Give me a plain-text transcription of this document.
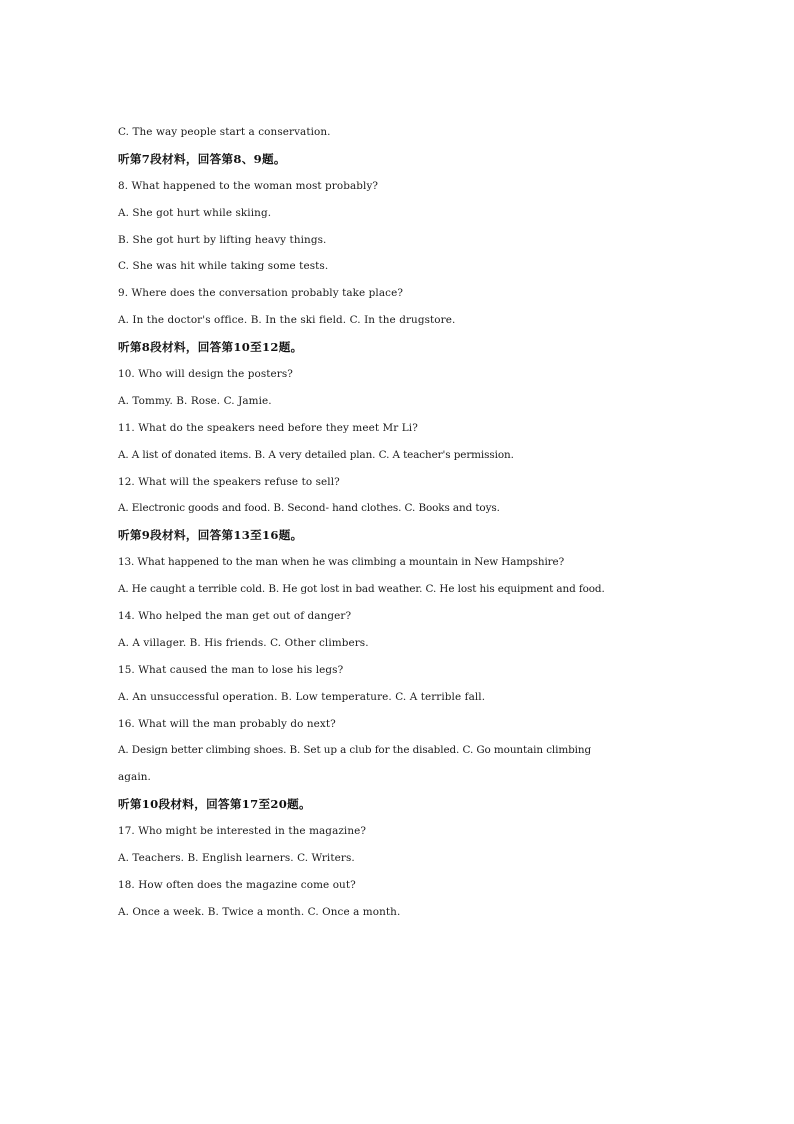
C. The way people start a conservation.
听第7段材料，回答第8、9题。
8. What happened to the woman most probably?
A. She got hurt while skiing.
B. She got hurt by lifting heavy things.
C. She was hit while taking some tests.
9. Where does the conversation probably take place?
A. In the doctor's office. B. In the ski field. C. In the drugstore.
听第8段材料，回答第10至12题。
10. Who will design the posters?
A. Tommy. B. Rose. C. Jamie.
11. What do the speakers need before they meet Mr Li?
A. A list of donated items. B. A very detailed plan. C. A teacher's permission.
12. What will the speakers refuse to sell?
A. Electronic goods and food. B. Second- hand clothes. C. Books and toys.
听第9段材料，回答第13至16题。
13. What happened to the man when he was climbing a mountain in New Hampshire?
A. He caught a terrible cold. B. He got lost in bad weather. C. He lost his equipment and food.
14. Who helped the man get out of danger?
A. A villager. B. His friends. C. Other climbers.
15. What caused the man to lose his legs?
A. An unsuccessful operation. B. Low temperature. C. A terrible fall.
16. What will the man probably do next?
A. Design better climbing shoes. B. Set up a club for the disabled. C. Go mountain climbing
again.
听第10段材料，回答第17至20题。
17. Who might be interested in the magazine?
A. Teachers. B. English learners. C. Writers.
18. How often does the magazine come out?
A. Once a week. B. Twice a month. C. Once a month.
